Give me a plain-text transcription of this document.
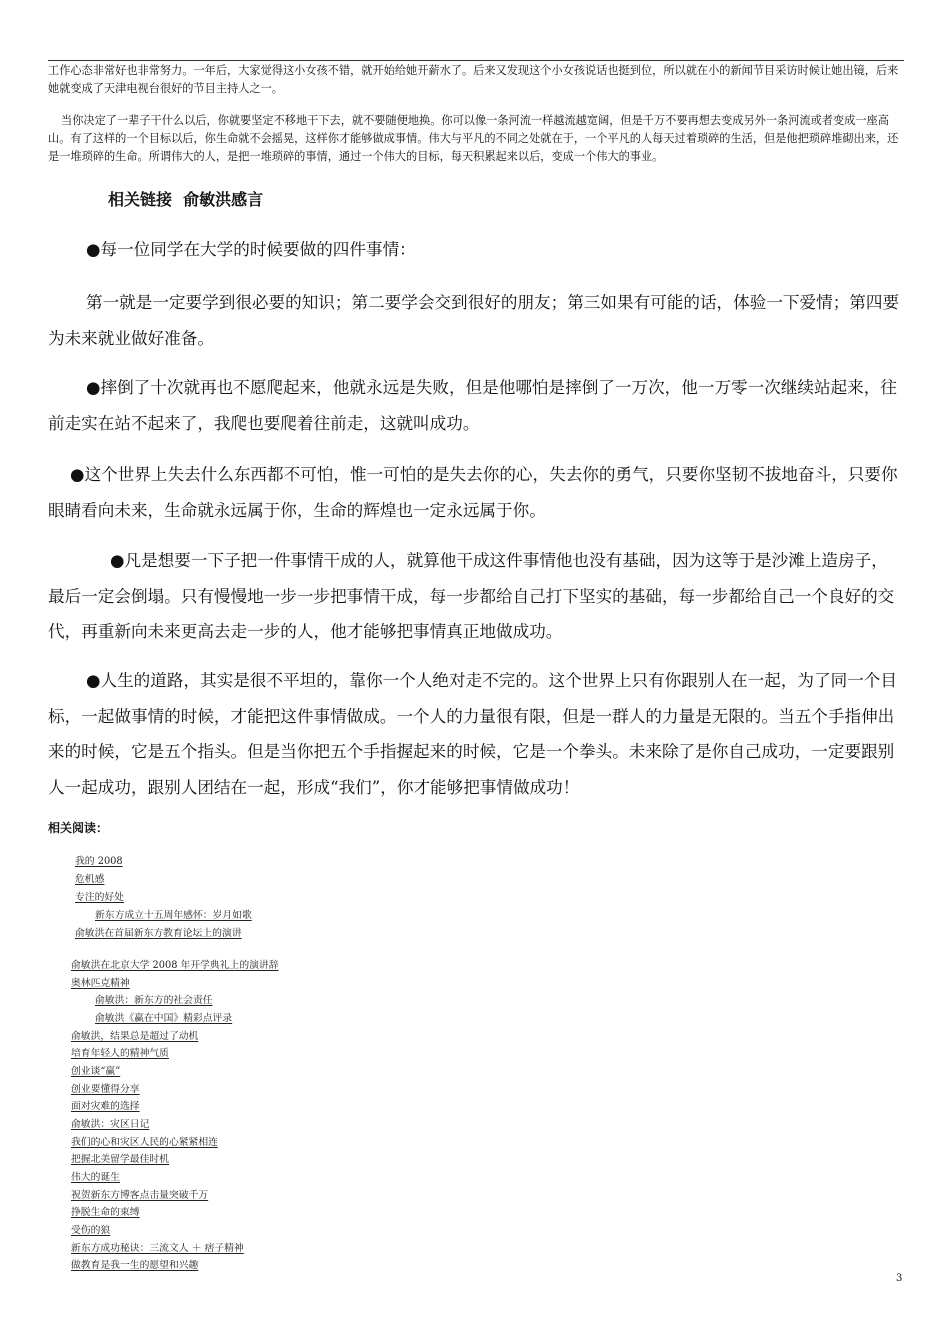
工作心态非常好也非常努力。一年后，大家觉得这小女孩不错，就开始给她开薪水了。后来又发现这个小女孩说话也挺到位，所以就在小的新闻节目采访时候让她出镜，后来她就变成了天津电视台很好的节目主持人之一。

当你决定了一辈子干什么以后，你就要坚定不移地干下去，就不要随便地换。你可以像一条河流一样越流越宽阔，但是千万不要再想去变成另外一条河流或者变成一座高山。有了这样的一个目标以后，你生命就不会摇晃，这样你才能够做成事情。伟大与平凡的不同之处就在于，一个平凡的人每天过着琐碎的生活，但是他把琐碎堆砌出来，还是一堆琐碎的生命。所谓伟大的人，是把一堆琐碎的事情，通过一个伟大的目标，每天积累起来以后，变成一个伟大的事业。

相关链接  俞敏洪感言

●每一位同学在大学的时候要做的四件事情：

第一就是一定要学到很必要的知识；第二要学会交到很好的朋友；第三如果有可能的话，体验一下爱情；第四要为未来就业做好准备。

●摔倒了十次就再也不愿爬起来，他就永远是失败，但是他哪怕是摔倒了一万次，他一万零一次继续站起来，往前走实在站不起来了，我爬也要爬着往前走，这就叫成功。

●这个世界上失去什么东西都不可怕，惟一可怕的是失去你的心，失去你的勇气，只要你坚韧不拔地奋斗，只要你眼睛看向未来，生命就永远属于你，生命的辉煌也一定永远属于你。

●凡是想要一下子把一件事情干成的人，就算他干成这件事情他也没有基础，因为这等于是沙滩上造房子，最后一定会倒塌。只有慢慢地一步一步把事情干成，每一步都给自己打下坚实的基础，每一步都给自己一个良好的交代，再重新向未来更高去走一步的人，他才能够把事情真正地做成功。

●人生的道路，其实是很不平坦的，靠你一个人绝对走不完的。这个世界上只有你跟别人在一起，为了同一个目标，一起做事情的时候，才能把这件事情做成。一个人的力量很有限，但是一群人的力量是无限的。当五个手指伸出来的时候，它是五个指头。但是当你把五个手指握起来的时候，它是一个拳头。未来除了是你自己成功，一定要跟别人一起成功，跟别人团结在一起，形成“我们”，你才能够把事情做成功！

相关阅读：
我的 2008
危机感
专注的好处
新东方成立十五周年感怀：岁月如歌
俞敏洪在首届新东方教育论坛上的演讲
俞敏洪在北京大学 2008 年开学典礼上的演讲辞
奥林匹克精神
俞敏洪：新东方的社会责任
俞敏洪《赢在中国》精彩点评录
俞敏洪，结果总是超过了动机
培育年轻人的精神气质
创业谈“赢”
创业要懂得分享
面对灾难的选择
俞敏洪：灾区日记
我们的心和灾区人民的心紧紧相连
把握北美留学最佳时机
伟大的诞生
祝贺新东方博客点击量突破千万
挣脱生命的束缚
受伤的狼
新东方成功秘诀：三流文人 ＋ 痞子精神
做教育是我一生的愿望和兴趣
3
